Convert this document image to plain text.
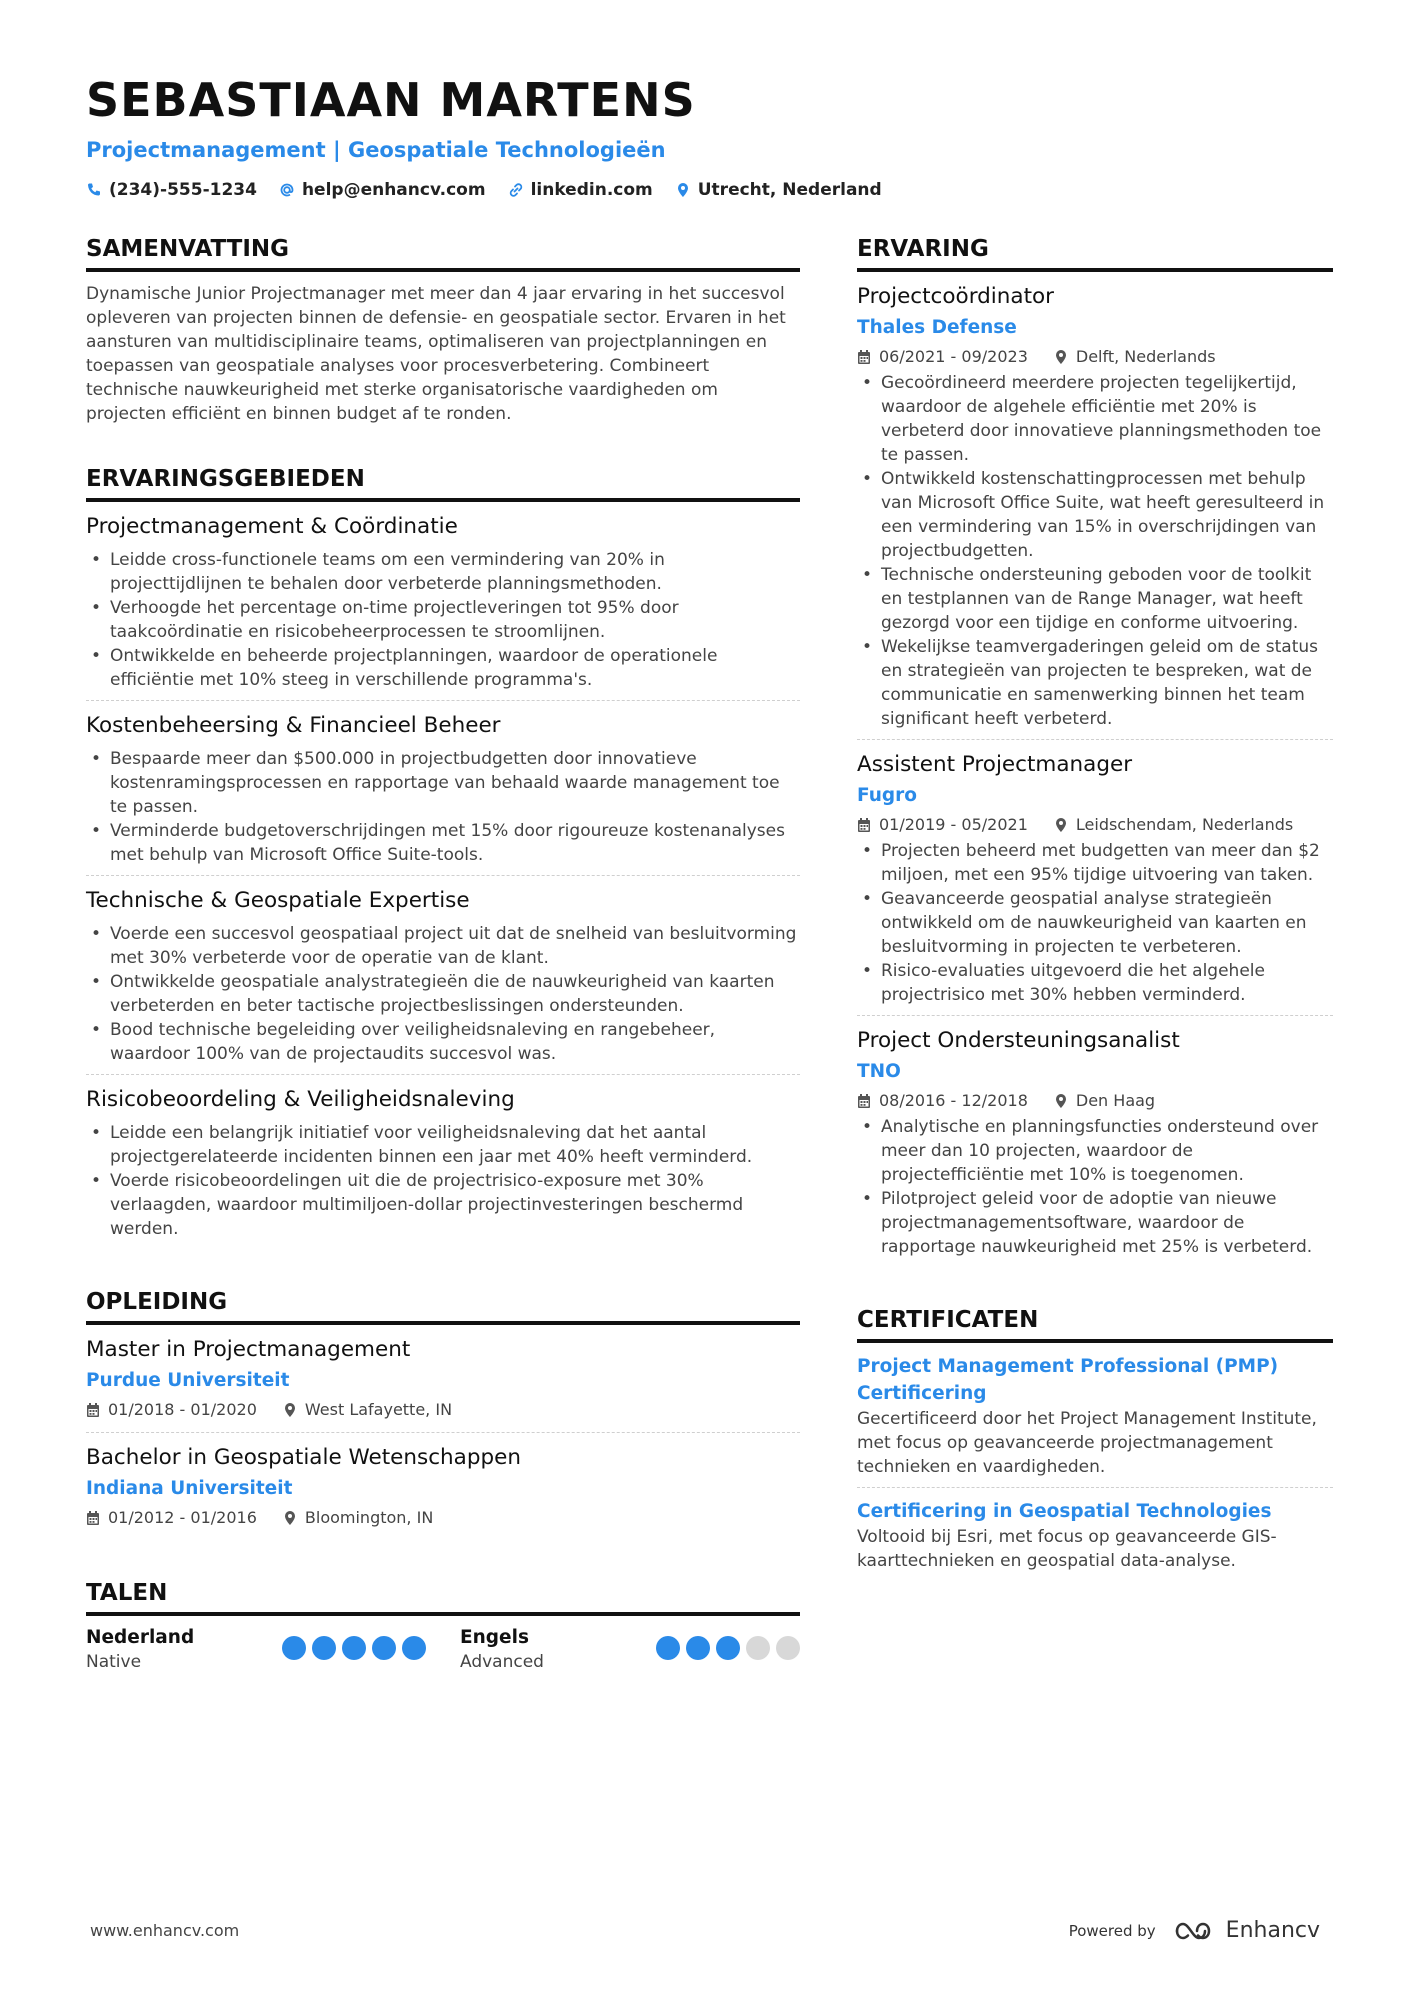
SEBASTIAAN MARTENS
Projectmanagement | Geospatiale Technologieën
(234)-555-1234	help@enhancv.com	linkedin.com	Utrecht, Nederland
SAMENVATTING

Dynamische Junior Projectmanager met meer dan 4 jaar ervaring in het succesvol opleveren van projecten binnen de defensie- en geospatiale sector. Ervaren in het aansturen van multidisciplinaire teams, optimaliseren van projectplanningen en toepassen van geospatiale analyses voor procesverbetering. Combineert technische nauwkeurigheid met sterke organisatorische vaardigheden om projecten efficiënt en binnen budget af te ronden.

ERVARINGSGEBIEDEN
Projectmanagement & Coördinatie
• Leidde cross-functionele teams om een vermindering van 20% in projecttijdlijnen te behalen door verbeterde planningsmethoden.
• Verhoogde het percentage on-time projectleveringen tot 95% door taakcoördinatie en risicobeheerprocessen te stroomlijnen.
• Ontwikkelde en beheerde projectplanningen, waardoor de operationele efficiëntie met 10% steeg in verschillende programma's.
Kostenbeheersing & Financieel Beheer
• Bespaarde meer dan $500.000 in projectbudgetten door innovatieve kostenramingsprocessen en rapportage van behaald waarde management toe te passen.
• Verminderde budgetoverschrijdingen met 15% door rigoureuze kostenanalyses met behulp van Microsoft Office Suite-tools.
Technische & Geospatiale Expertise
• Voerde een succesvol geospatiaal project uit dat de snelheid van besluitvorming met 30% verbeterde voor de operatie van de klant.
• Ontwikkelde geospatiale analystrategieën die de nauwkeurigheid van kaarten verbeterden en beter tactische projectbeslissingen ondersteunden.
• Bood technische begeleiding over veiligheidsnaleving en rangebeheer, waardoor 100% van de projectaudits succesvol was.
Risicobeoordeling & Veiligheidsnaleving
• Leidde een belangrijk initiatief voor veiligheidsnaleving dat het aantal projectgerelateerde incidenten binnen een jaar met 40% heeft verminderd.
• Voerde risicobeoordelingen uit die de projectrisico-exposure met 30% verlaagden, waardoor multimiljoen-dollar projectinvesteringen beschermd werden.
OPLEIDING
Master in Projectmanagement
Purdue Universiteit
01/2018 - 01/2020	West Lafayette, IN
Bachelor in Geospatiale Wetenschappen
Indiana Universiteit
01/2012 - 01/2016	Bloomington, IN
TALEN
Nederland
Native
Engels
Advanced
ERVARING
Projectcoördinator
Thales Defense
06/2021 - 09/2023	Delft, Nederlands
• Gecoördineerd meerdere projecten tegelijkertijd, waardoor de algehele efficiëntie met 20% is verbeterd door innovatieve planningsmethoden toe te passen.
• Ontwikkeld kostenschattingprocessen met behulp van Microsoft Office Suite, wat heeft geresulteerd in een vermindering van 15% in overschrijdingen van projectbudgetten.
• Technische ondersteuning geboden voor de toolkit en testplannen van de Range Manager, wat heeft gezorgd voor een tijdige en conforme uitvoering.
• Wekelijkse teamvergaderingen geleid om de status en strategieën van projecten te bespreken, wat de communicatie en samenwerking binnen het team significant heeft verbeterd.
Assistent Projectmanager
Fugro
01/2019 - 05/2021	Leidschendam, Nederlands
• Projecten beheerd met budgetten van meer dan $2 miljoen, met een 95% tijdige uitvoering van taken.
• Geavanceerde geospatial analyse strategieën ontwikkeld om de nauwkeurigheid van kaarten en besluitvorming in projecten te verbeteren.
• Risico-evaluaties uitgevoerd die het algehele projectrisico met 30% hebben verminderd.
Project Ondersteuningsanalist
TNO
08/2016 - 12/2018	Den Haag
• Analytische en planningsfuncties ondersteund over meer dan 10 projecten, waardoor de projectefficiëntie met 10% is toegenomen.
• Pilotproject geleid voor de adoptie van nieuwe projectmanagementsoftware, waardoor de rapportage nauwkeurigheid met 25% is verbeterd.
CERTIFICATEN
Project Management Professional (PMP) Certificering

Gecertificeerd door het Project Management Institute, met focus op geavanceerde projectmanagement technieken en vaardigheden.

Certificering in Geospatial Technologies

Voltooid bij Esri, met focus op geavanceerde GIS-kaarttechnieken en geospatial data-analyse.

www.enhancv.com	Powered by	Enhancv
